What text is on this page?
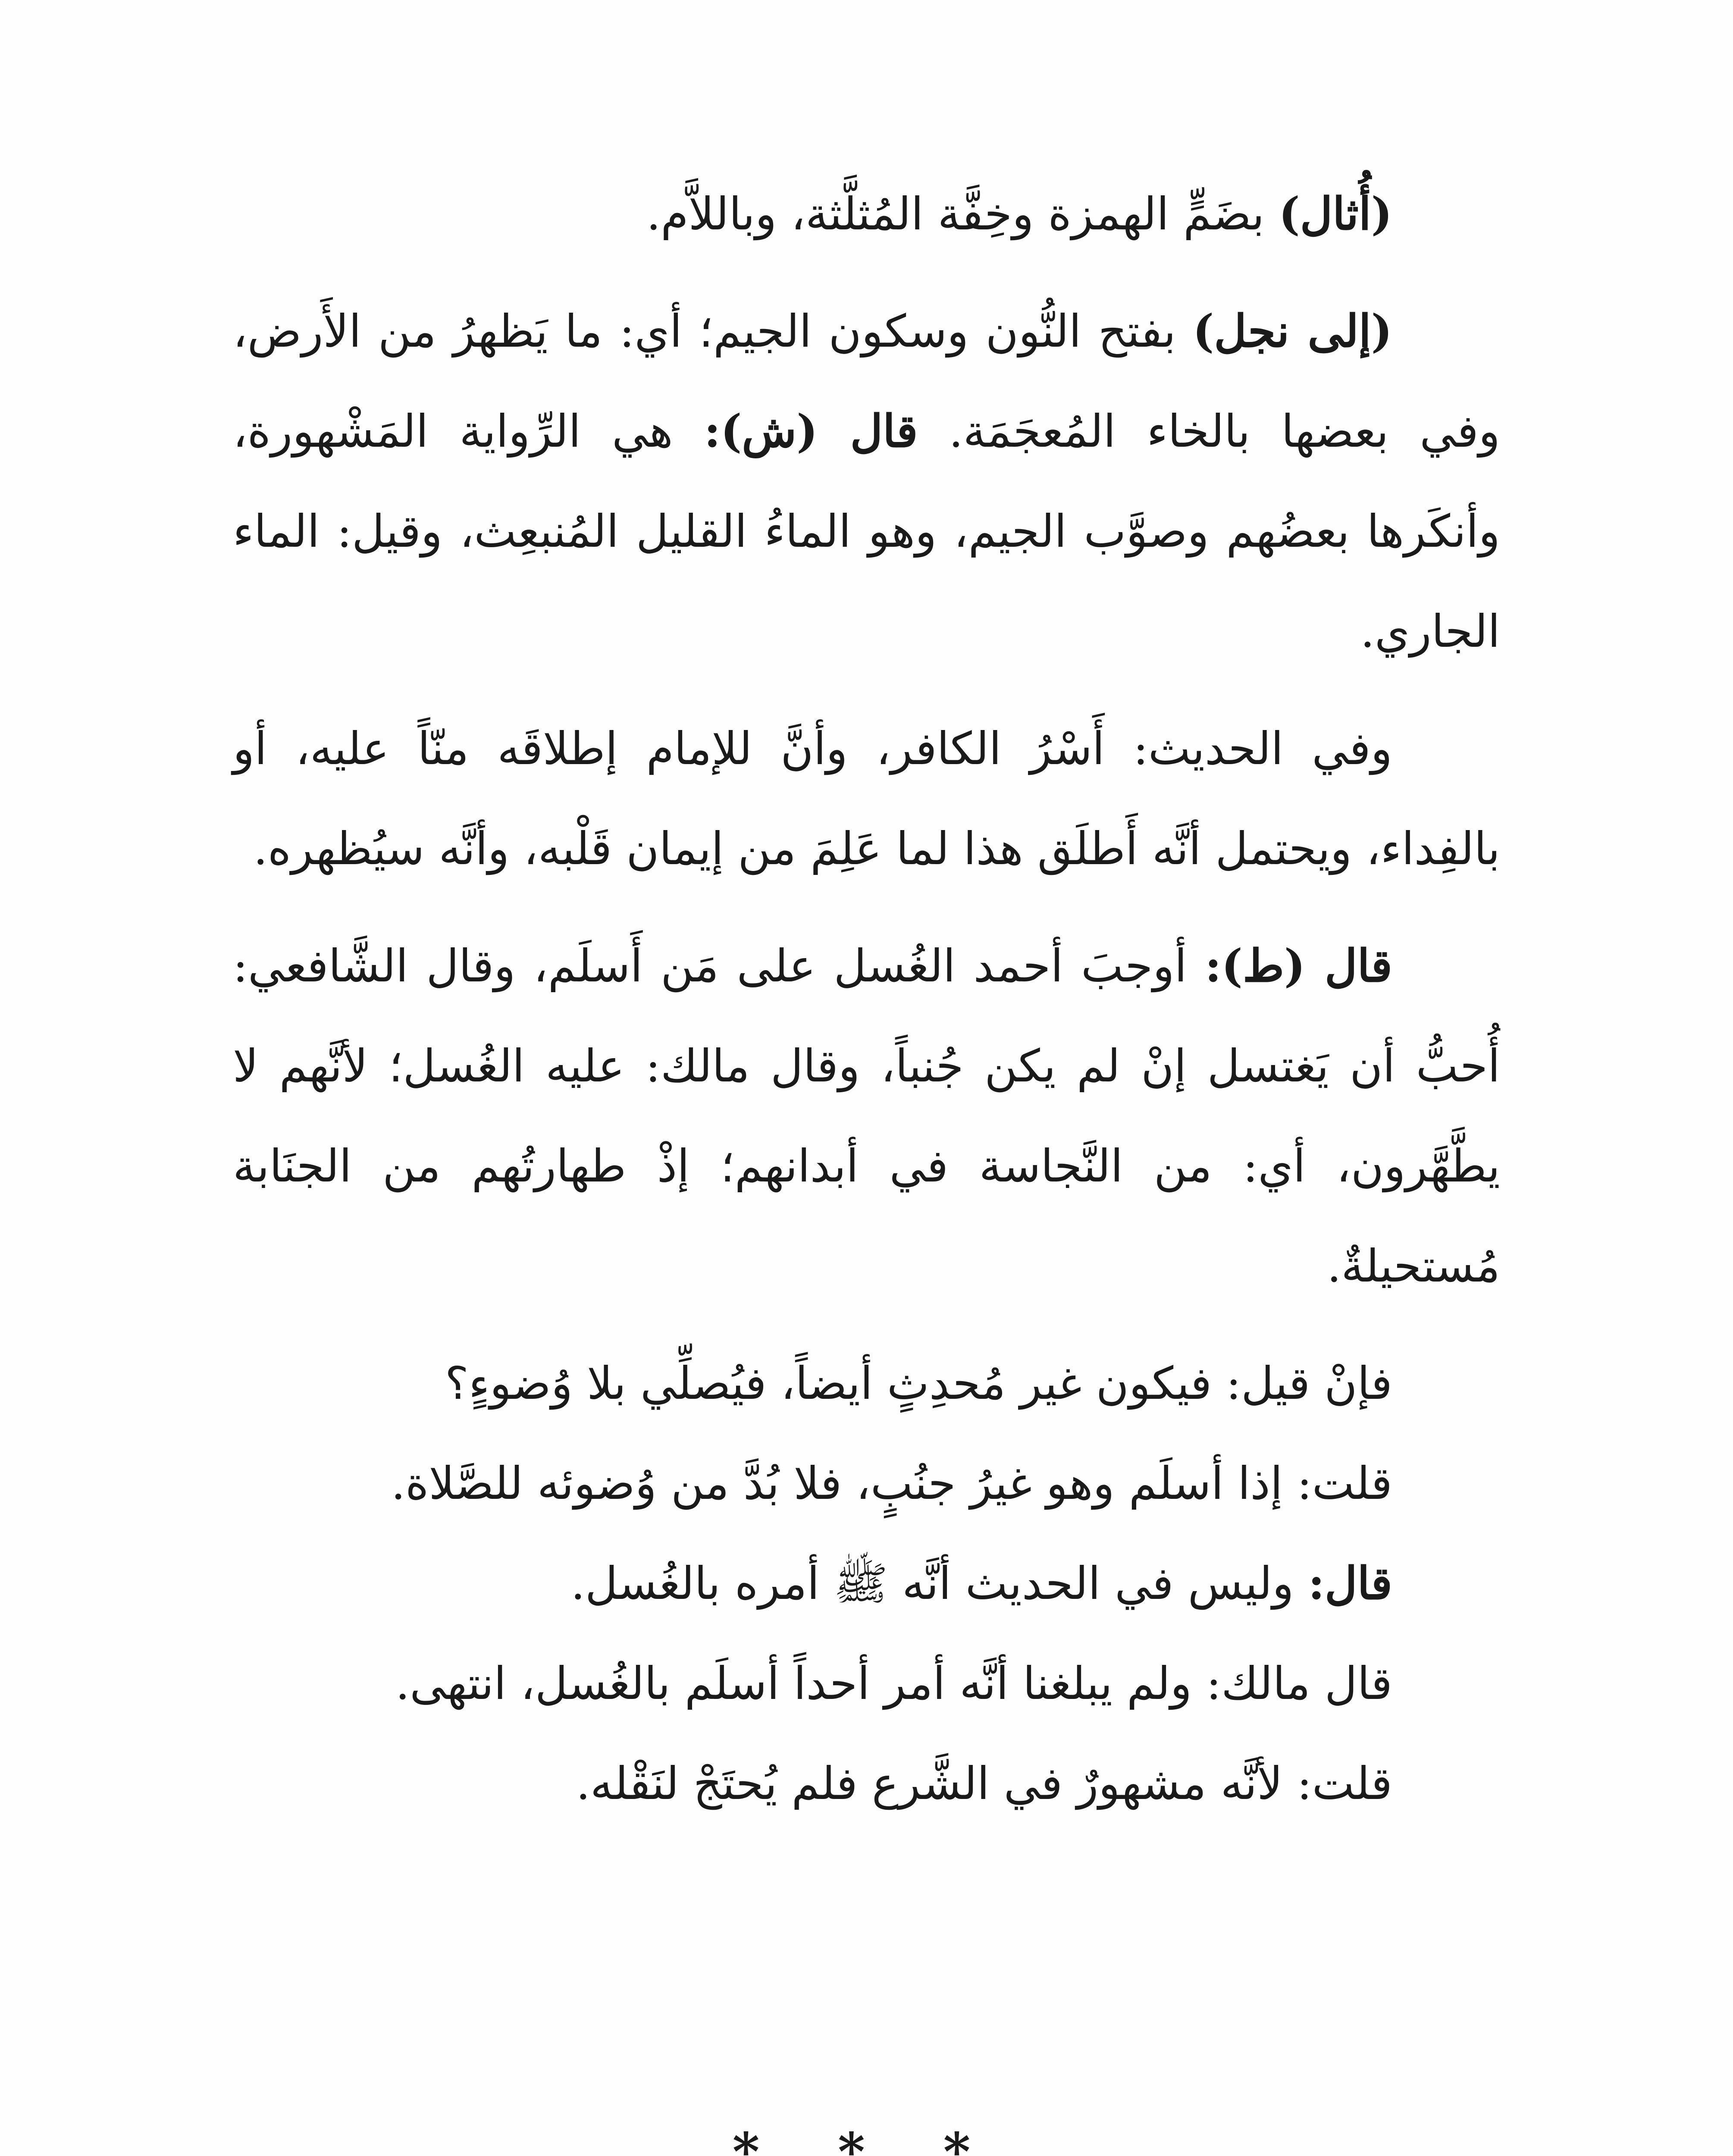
(أُثال) بضَمٍّ الهمزة وخِفَّة المُثلَّثة، وباللاَّم.

(إلى نجل) بفتح النُّون وسكون الجيم؛ أي: ما يَظهرُ من الأَرض، وفي بعضها بالخاء المُعجَمَة. قال (ش): هي الرِّواية المَشْهورة، وأنكَرها بعضُهم وصوَّب الجيم، وهو الماءُ القليل المُنبعِث، وقيل: الماء الجاري.

وفي الحديث: أَسْرُ الكافر، وأنَّ للإمام إطلاقَه منّاً عليه، أو بالفِداء، ويحتمل أنَّه أَطلَق هذا لما عَلِمَ من إيمان قَلْبه، وأنَّه سيُظهره.

قال (ط): أوجبَ أحمد الغُسل على مَن أَسلَم، وقال الشَّافعي: أُحبُّ أن يَغتسل إنْ لم يكن جُنباً، وقال مالك: عليه الغُسل؛ لأنَّهم لا يطَّهَّرون، أي: من النَّجاسة في أبدانهم؛ إذْ طهارتُهم من الجنَابة مُستحيلةٌ.

فإنْ قيل: فيكون غير مُحدِثٍ أيضاً، فيُصلِّي بلا وُضوءٍ؟

قلت: إذا أسلَم وهو غيرُ جنُبٍ، فلا بُدَّ من وُضوئه للصَّلاة.

قال: وليس في الحديث أنَّه ﷺ أمره بالغُسل.

قال مالك: ولم يبلغنا أنَّه أمر أحداً أسلَم بالغُسل، انتهى.

قلت: لأنَّه مشهورٌ في الشَّرع فلم يُحتَجْ لنَقْله.

* * *
